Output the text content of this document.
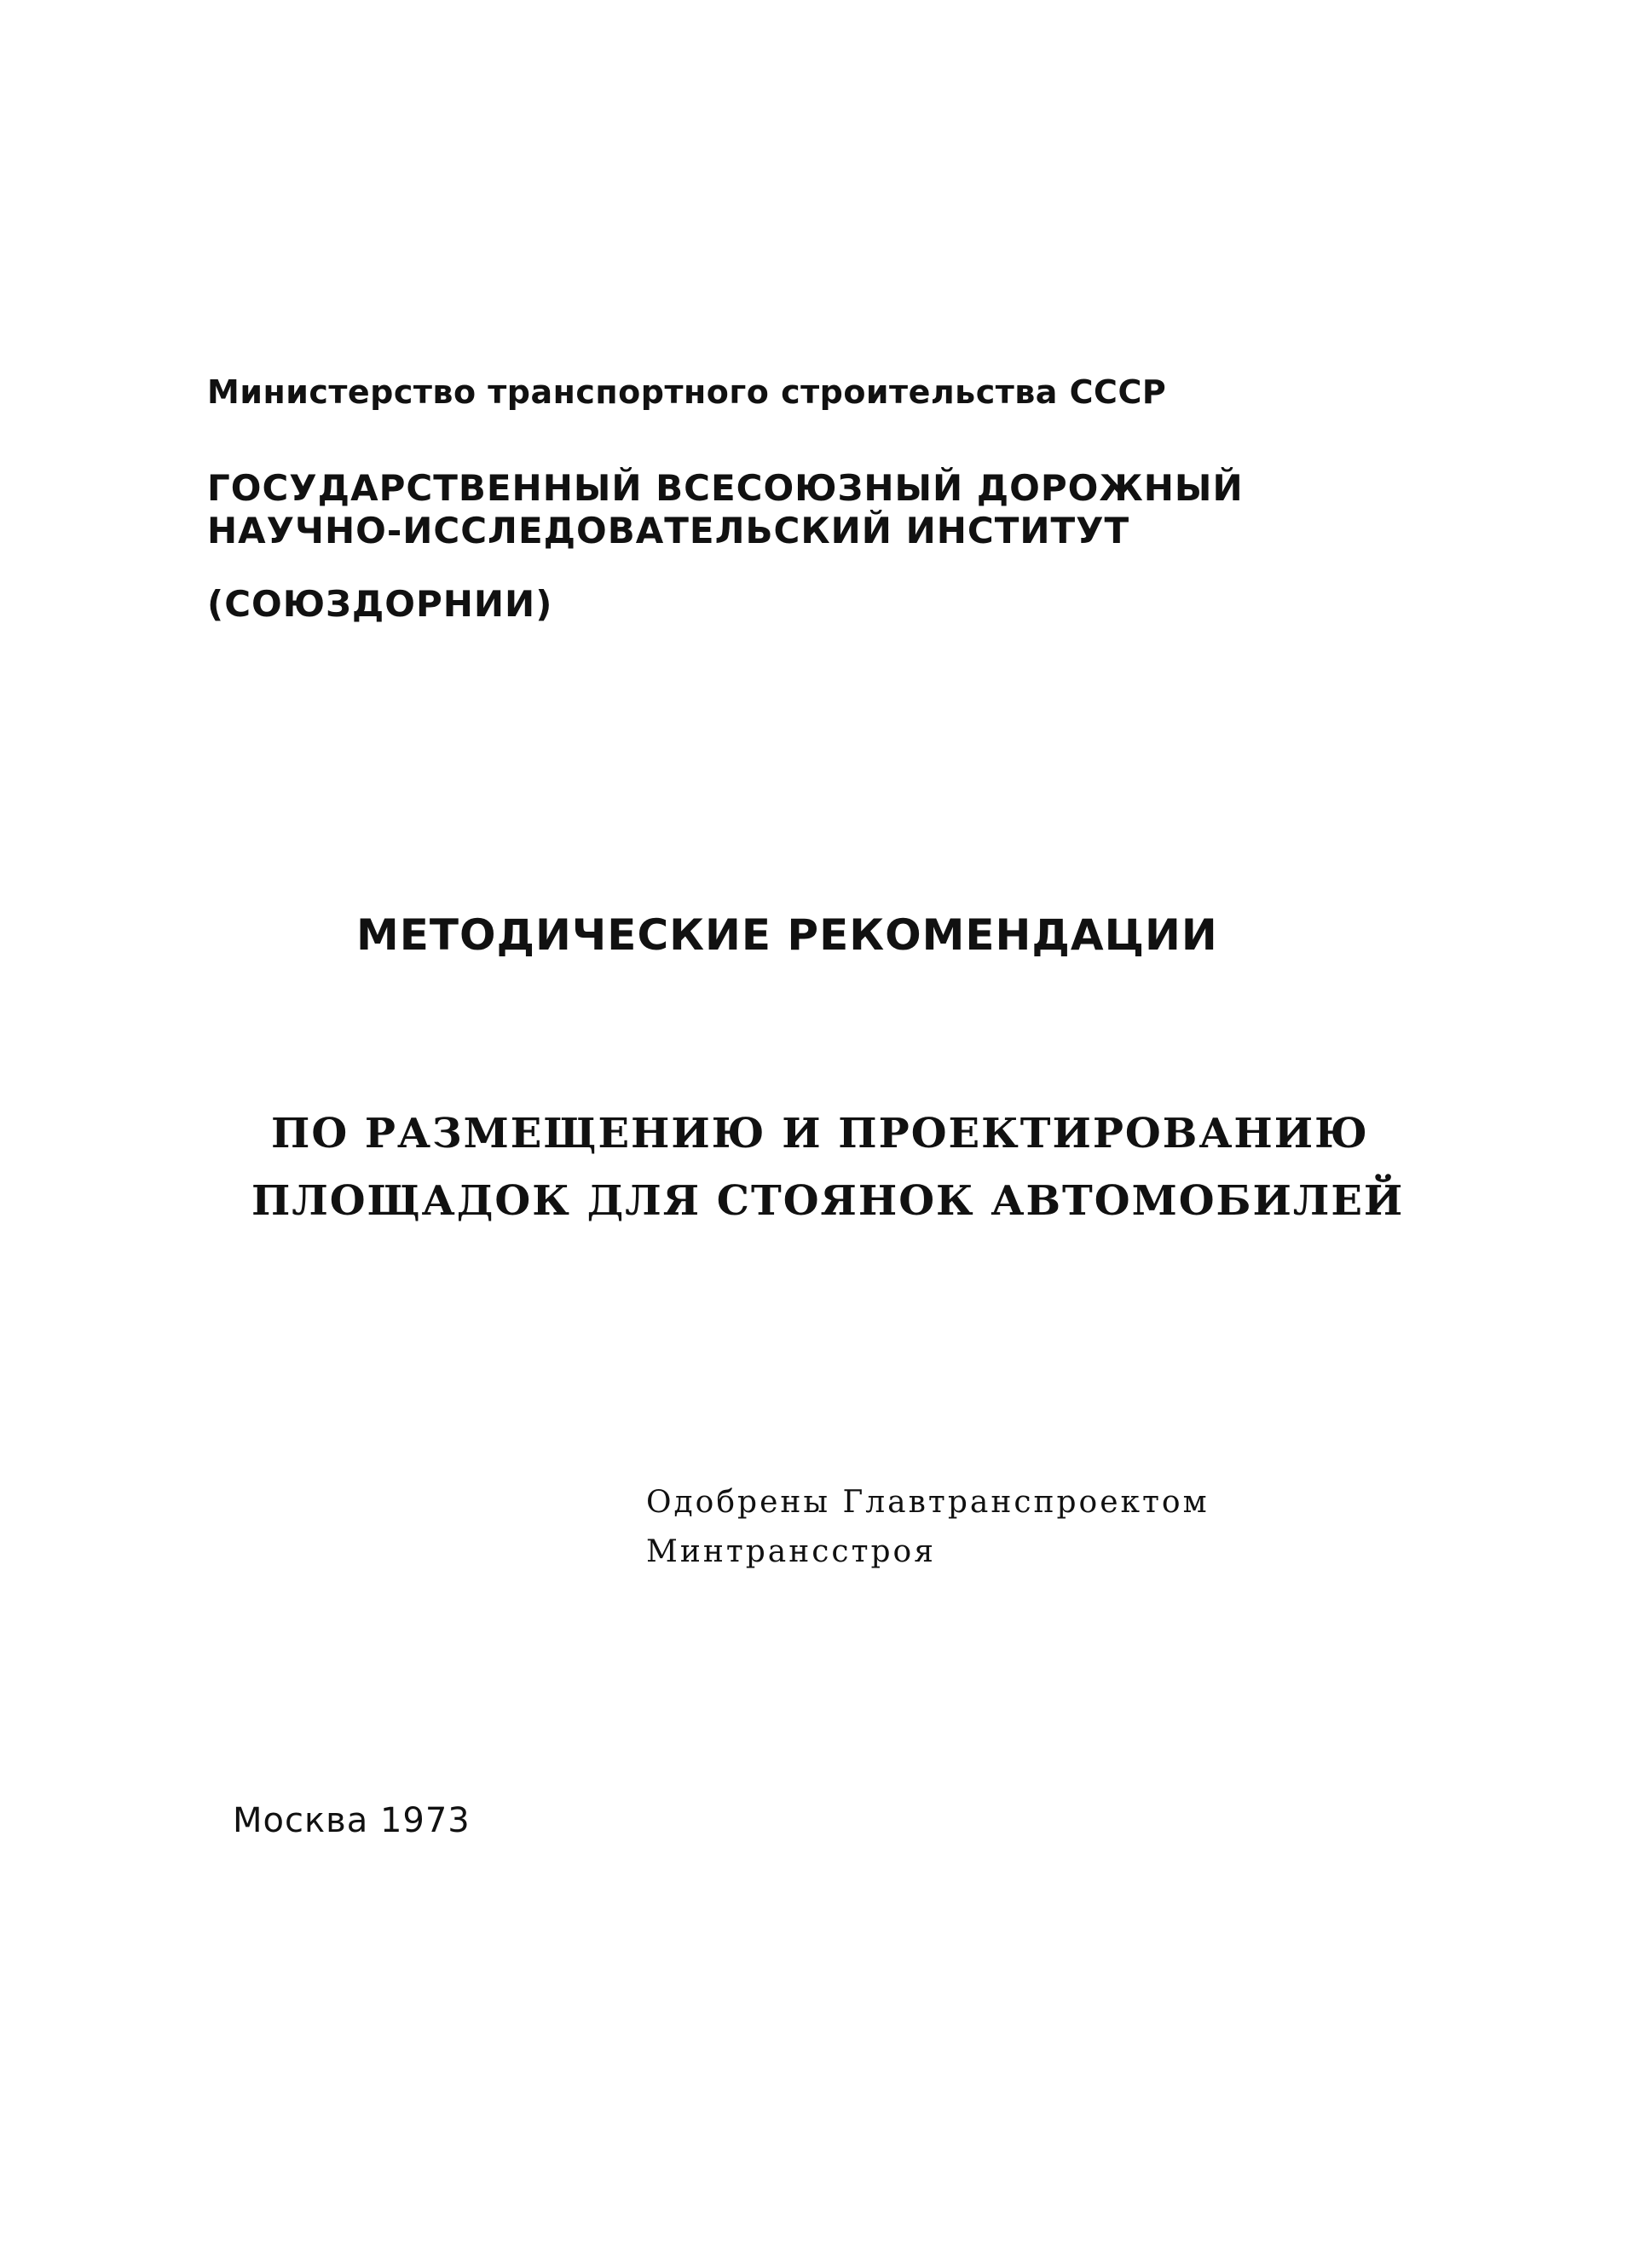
Министерство транспортного строительства СССР

ГОСУДАРСТВЕННЫЙ ВСЕСОЮЗНЫЙ ДОРОЖНЫЙ

НАУЧНО-ИССЛЕДОВАТЕЛЬСКИЙ ИНСТИТУТ

(СОЮЗДОРНИИ)

МЕТОДИЧЕСКИЕ РЕКОМЕНДАЦИИ

ПО РАЗМЕЩЕНИЮ И ПРОЕКТИРОВАНИЮ

ПЛОЩАДОК ДЛЯ СТОЯНОК АВТОМОБИЛЕЙ

Одобрены Главтранспроектом

Минтрансстроя

Москва 1973
